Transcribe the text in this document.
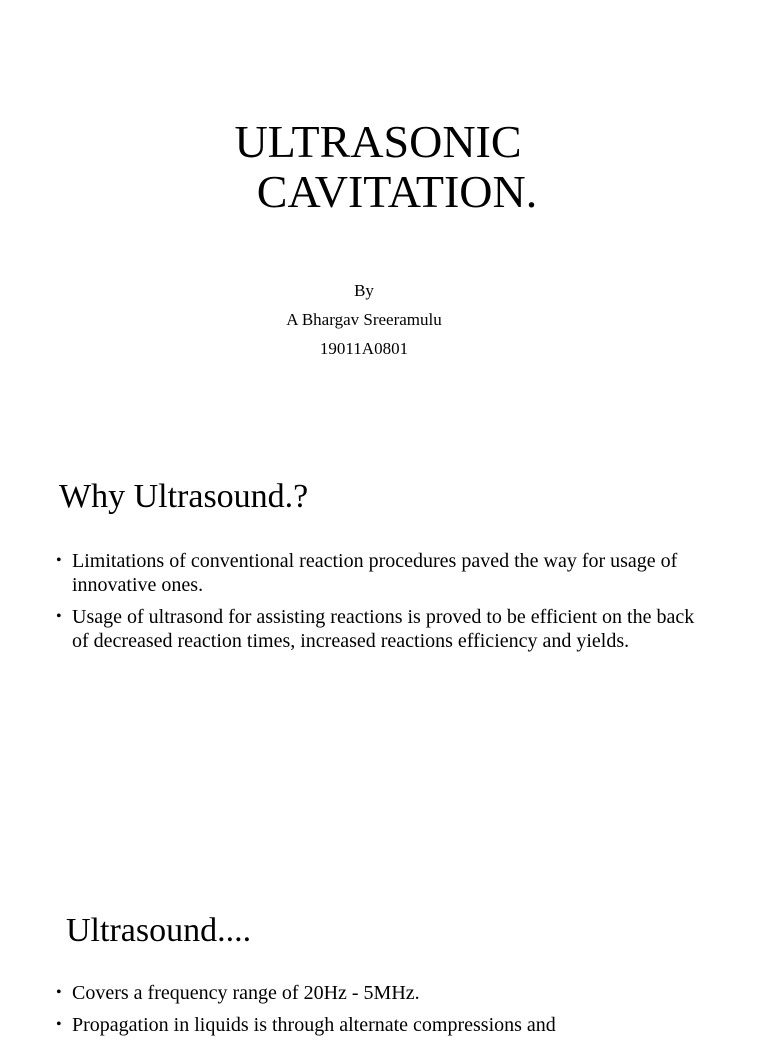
ULTRASONIC
CAVITATION.
By
A Bhargav Sreeramulu
19011A0801
Why Ultrasound.?
• Limitations of conventional reaction procedures paved the way for usage of innovative ones.
• Usage of ultrasond for assisting reactions is proved to be efficient on the back of decreased reaction times, increased reactions efficiency and yields.
Ultrasound....
• Covers a frequency range of 20Hz - 5MHz.
• Propagation in liquids is through alternate compressions and
